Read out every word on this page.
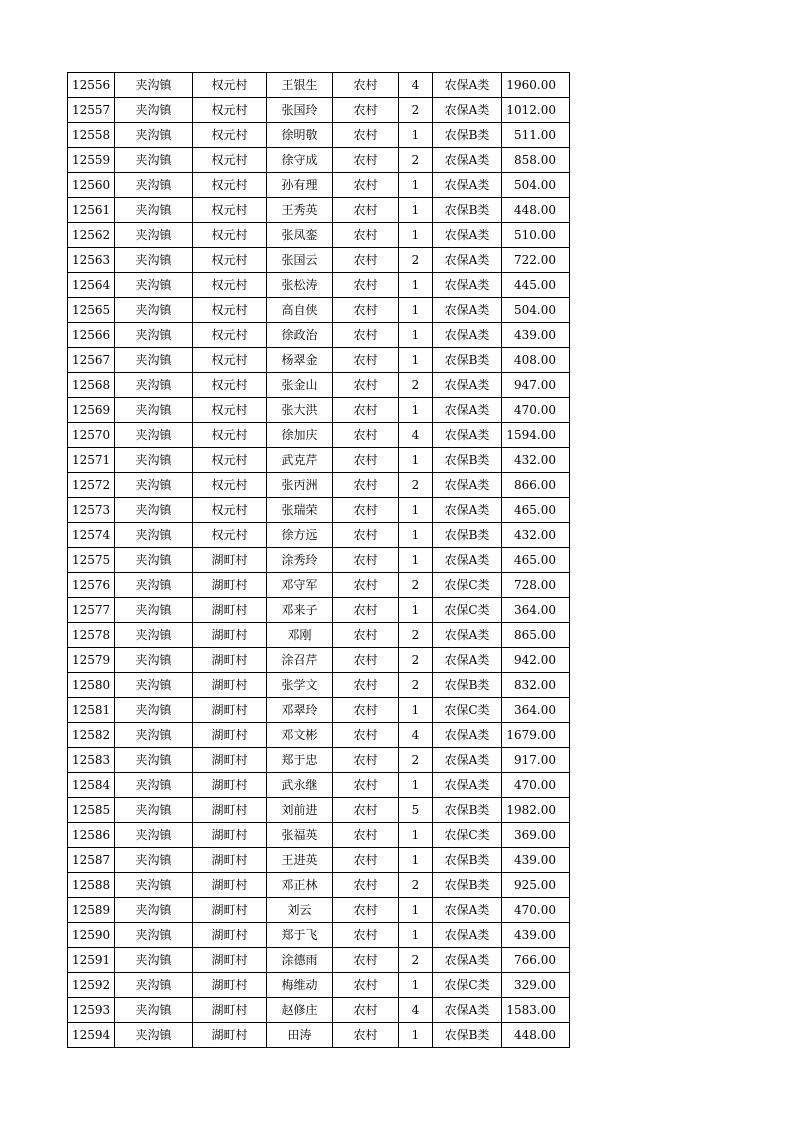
12556	夹沟镇	权元村	王银生	农村	4	农保A类	1960.00
12557	夹沟镇	权元村	张国玲	农村	2	农保A类	1012.00
12558	夹沟镇	权元村	徐明敬	农村	1	农保B类	511.00
12559	夹沟镇	权元村	徐守成	农村	2	农保A类	858.00
12560	夹沟镇	权元村	孙有理	农村	1	农保A类	504.00
12561	夹沟镇	权元村	王秀英	农村	1	农保B类	448.00
12562	夹沟镇	权元村	张凤銮	农村	1	农保A类	510.00
12563	夹沟镇	权元村	张国云	农村	2	农保A类	722.00
12564	夹沟镇	权元村	张松涛	农村	1	农保A类	445.00
12565	夹沟镇	权元村	高自侠	农村	1	农保A类	504.00
12566	夹沟镇	权元村	徐政治	农村	1	农保A类	439.00
12567	夹沟镇	权元村	杨翠金	农村	1	农保B类	408.00
12568	夹沟镇	权元村	张金山	农村	2	农保A类	947.00
12569	夹沟镇	权元村	张大洪	农村	1	农保A类	470.00
12570	夹沟镇	权元村	徐加庆	农村	4	农保A类	1594.00
12571	夹沟镇	权元村	武克芹	农村	1	农保B类	432.00
12572	夹沟镇	权元村	张丙洲	农村	2	农保A类	866.00
12573	夹沟镇	权元村	张瑞荣	农村	1	农保A类	465.00
12574	夹沟镇	权元村	徐方远	农村	1	农保B类	432.00
12575	夹沟镇	湖町村	涂秀玲	农村	1	农保A类	465.00
12576	夹沟镇	湖町村	邓守军	农村	2	农保C类	728.00
12577	夹沟镇	湖町村	邓来子	农村	1	农保C类	364.00
12578	夹沟镇	湖町村	邓刚	农村	2	农保A类	865.00
12579	夹沟镇	湖町村	涂召芹	农村	2	农保A类	942.00
12580	夹沟镇	湖町村	张学文	农村	2	农保B类	832.00
12581	夹沟镇	湖町村	邓翠玲	农村	1	农保C类	364.00
12582	夹沟镇	湖町村	邓文彬	农村	4	农保A类	1679.00
12583	夹沟镇	湖町村	郑于忠	农村	2	农保A类	917.00
12584	夹沟镇	湖町村	武永继	农村	1	农保A类	470.00
12585	夹沟镇	湖町村	刘前进	农村	5	农保B类	1982.00
12586	夹沟镇	湖町村	张福英	农村	1	农保C类	369.00
12587	夹沟镇	湖町村	王进英	农村	1	农保B类	439.00
12588	夹沟镇	湖町村	邓正林	农村	2	农保B类	925.00
12589	夹沟镇	湖町村	刘云	农村	1	农保A类	470.00
12590	夹沟镇	湖町村	郑于飞	农村	1	农保A类	439.00
12591	夹沟镇	湖町村	涂德雨	农村	2	农保A类	766.00
12592	夹沟镇	湖町村	梅维动	农村	1	农保C类	329.00
12593	夹沟镇	湖町村	赵修庄	农村	4	农保A类	1583.00
12594	夹沟镇	湖町村	田涛	农村	1	农保B类	448.00
